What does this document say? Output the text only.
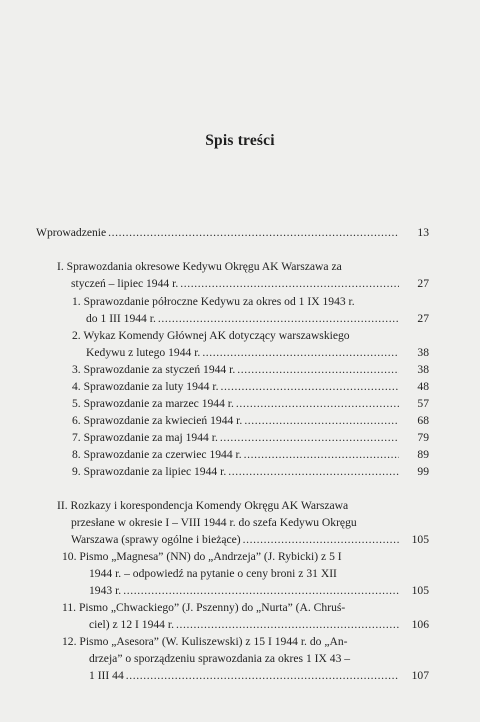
Spis treści
Wprowadzenie .....	13
I. Sprawozdania okresowe Kedywu Okręgu AK Warszawa za
styczeń – lipiec 1944 r. .....	27
1. Sprawozdanie półroczne Kedywu za okres od 1 IX 1943 r.
do 1 III 1944 r. .....	27
2. Wykaz Komendy Głównej AK dotyczący warszawskiego
Kedywu z lutego 1944 r. .....	38
3. Sprawozdanie za styczeń 1944 r. .....	38
4. Sprawozdanie za luty 1944 r. .....	48
5. Sprawozdanie za marzec 1944 r. .....	57
6. Sprawozdanie za kwiecień 1944 r. .....	68
7. Sprawozdanie za maj 1944 r. .....	79
8. Sprawozdanie za czerwiec 1944 r. .....	89
9. Sprawozdanie za lipiec 1944 r. .....	99
II. Rozkazy i korespondencja Komendy Okręgu AK Warszawa
przesłane w okresie I – VIII 1944 r. do szefa Kedywu Okręgu
Warszawa (sprawy ogólne i bieżące) .....	105
10. Pismo „Magnesa” (NN) do „Andrzeja” (J. Rybicki) z 5 I
1944 r. – odpowiedź na pytanie o ceny broni z 31 XII
1943 r. .....	105
11. Pismo „Chwackiego” (J. Pszenny) do „Nurta” (A. Chruś-
ciel) z 12 I 1944 r. .....	106
12. Pismo „Asesora” (W. Kuliszewski) z 15 I 1944 r. do „An-
drzeja” o sporządzeniu sprawozdania za okres 1 IX 43 –
1 III 44 .....	107
